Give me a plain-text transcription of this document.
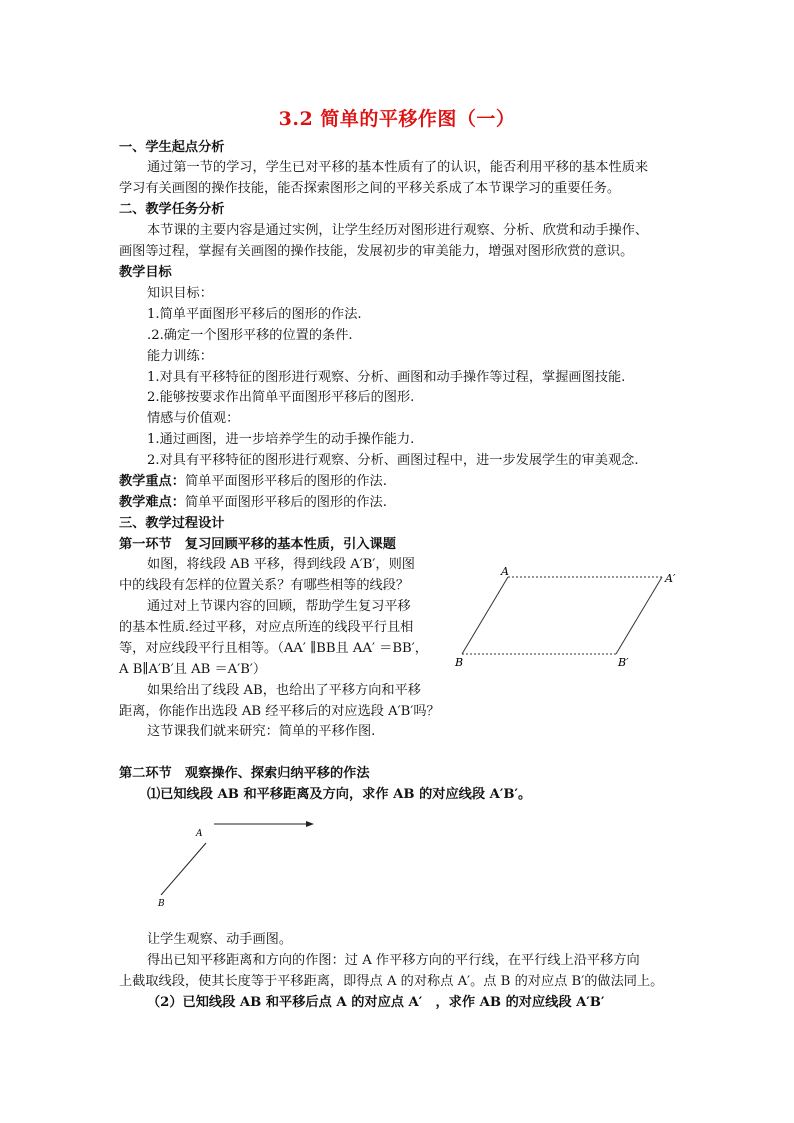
3.2 简单的平移作图（一）
一、学生起点分析
通过第一节的学习，学生已对平移的基本性质有了的认识，能否利用平移的基本性质来
学习有关画图的操作技能，能否探索图形之间的平移关系成了本节课学习的重要任务。
二、教学任务分析
本节课的主要内容是通过实例，让学生经历对图形进行观察、分析、欣赏和动手操作、
画图等过程，掌握有关画图的操作技能，发展初步的审美能力，增强对图形欣赏的意识。
教学目标
知识目标：
1.简单平面图形平移后的图形的作法.
.2.确定一个图形平移的位置的条件.
能力训练：
1.对具有平移特征的图形进行观察、分析、画图和动手操作等过程，掌握画图技能.
2.能够按要求作出简单平面图形平移后的图形.
情感与价值观：
1.通过画图，进一步培养学生的动手操作能力.
2.对具有平移特征的图形进行观察、分析、画图过程中，进一步发展学生的审美观念.
教学重点：简单平面图形平移后的图形的作法.
教学难点：简单平面图形平移后的图形的作法.
三、教学过程设计
第一环节　复习回顾平移的基本性质，引入课题
如图，将线段 AB 平移，得到线段 A′B′，则图
中的线段有怎样的位置关系？有哪些相等的线段？
通过对上节课内容的回顾，帮助学生复习平移
的基本性质.经过平移，对应点所连的线段平行且相
等，对应线段平行且相等。（AA′ ∥BB且 AA′ ＝BB′，
A B∥A′B′且 AB ＝A′B′）
如果给出了线段 AB，也给出了平移方向和平移
距离，你能作出选段 AB 经平移后的对应选段 A′B′吗？
这节课我们就来研究：简单的平移作图.
第二环节　观察操作、探索归纳平移的作法
⑴已知线段 AB 和平移距离及方向，求作 AB 的对应线段 A′B′。
让学生观察、动手画图。
得出已知平移距离和方向的作图：过 A 作平移方向的平行线，在平行线上沿平移方向
上截取线段，使其长度等于平移距离，即得点 A 的对称点 A′。点 B 的对应点 B′的做法同上。
（2）已知线段 AB 和平移后点 A 的对应点 A′　，求作 AB 的对应线段 A′B′
A
A′
B	B′
A
B
